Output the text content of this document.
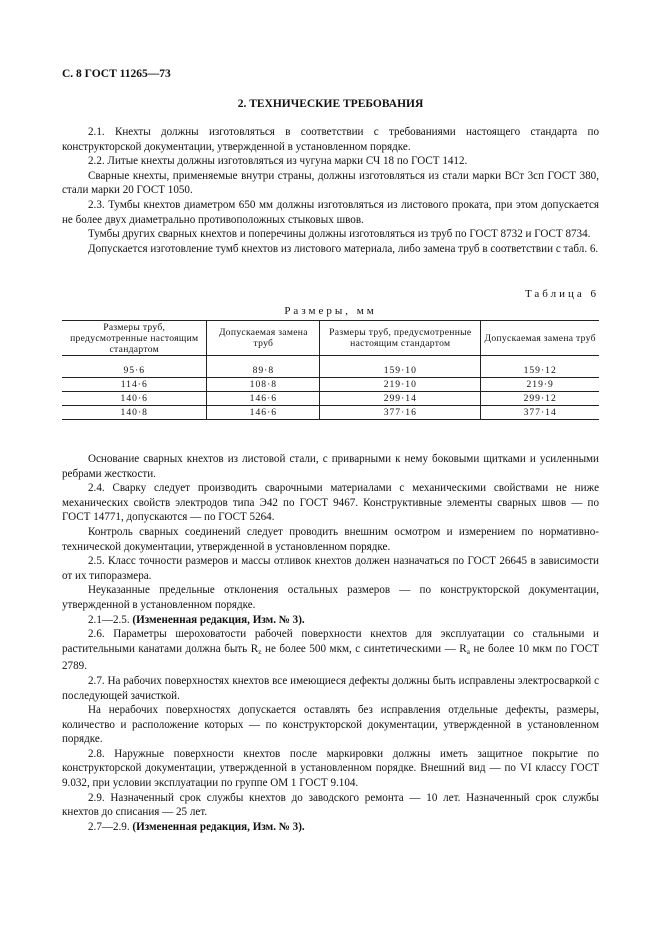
С. 8 ГОСТ 11265—73
2. ТЕХНИЧЕСКИЕ ТРЕБОВАНИЯ

2.1. Кнехты должны изготовляться в соответствии с требованиями настоящего стандарта по конструкторской документации, утвержденной в установленном порядке.

2.2. Литые кнехты должны изготовляться из чугуна марки СЧ 18 по ГОСТ 1412.

Сварные кнехты, применяемые внутри страны, должны изготовляться из стали марки ВСт 3сп ГОСТ 380, стали марки 20 ГОСТ 1050.

2.3. Тумбы кнехтов диаметром 650 мм должны изготовляться из листового проката, при этом допускается не более двух диаметрально противоположных стыковых швов.

Тумбы других сварных кнехтов и поперечины должны изготовляться из труб по ГОСТ 8732 и ГОСТ 8734.

Допускается изготовление тумб кнехтов из листового материала, либо замена труб в соответствии с табл. 6.

Таблица 6
Размеры, мм
Размеры труб, предусмотренные настоящим стандартом	Допускаемая замена труб	Размеры труб, предусмотренные настоящим стандартом	Допускаемая замена труб

95·6	89·8	159·10	159·12
114·6	108·8	219·10	219·9
140·6	146·6	299·14	299·12
140·8	146·6	377·16	377·14

Основание сварных кнехтов из листовой стали, с приварными к нему боковыми щитками и усиленными ребрами жесткости.

2.4. Сварку следует производить сварочными материалами с механическими свойствами не ниже механических свойств электродов типа Э42 по ГОСТ 9467. Конструктивные элементы сварных швов — по ГОСТ 14771, допускаются — по ГОСТ 5264.

Контроль сварных соединений следует проводить внешним осмотром и измерением по нормативно-технической документации, утвержденной в установленном порядке.

2.5. Класс точности размеров и массы отливок кнехтов должен назначаться по ГОСТ 26645 в зависимости от их типоразмера.

Неуказанные предельные отклонения остальных размеров — по конструкторской документации, утвержденной в установленном порядке.

2.1—2.5. (Измененная редакция, Изм. № 3).

2.6. Параметры шероховатости рабочей поверхности кнехтов для эксплуатации со стальными и растительными канатами должна быть $R_z$ не более 500 мкм, с синтетическими — $R_a$ не более 10 мкм по ГОСТ 2789.

2.7. На рабочих поверхностях кнехтов все имеющиеся дефекты должны быть исправлены электросваркой с последующей зачисткой.

На нерабочих поверхностях допускается оставлять без исправления отдельные дефекты, размеры, количество и расположение которых — по конструкторской документации, утвержденной в установленном порядке.

2.8. Наружные поверхности кнехтов после маркировки должны иметь защитное покрытие по конструкторской документации, утвержденной в установленном порядке. Внешний вид — по VI классу ГОСТ 9.032, при условии эксплуатации по группе ОМ 1 ГОСТ 9.104.

2.9. Назначенный срок службы кнехтов до заводского ремонта — 10 лет. Назначенный срок службы кнехтов до списания — 25 лет.

2.7—2.9. (Измененная редакция, Изм. № 3).
